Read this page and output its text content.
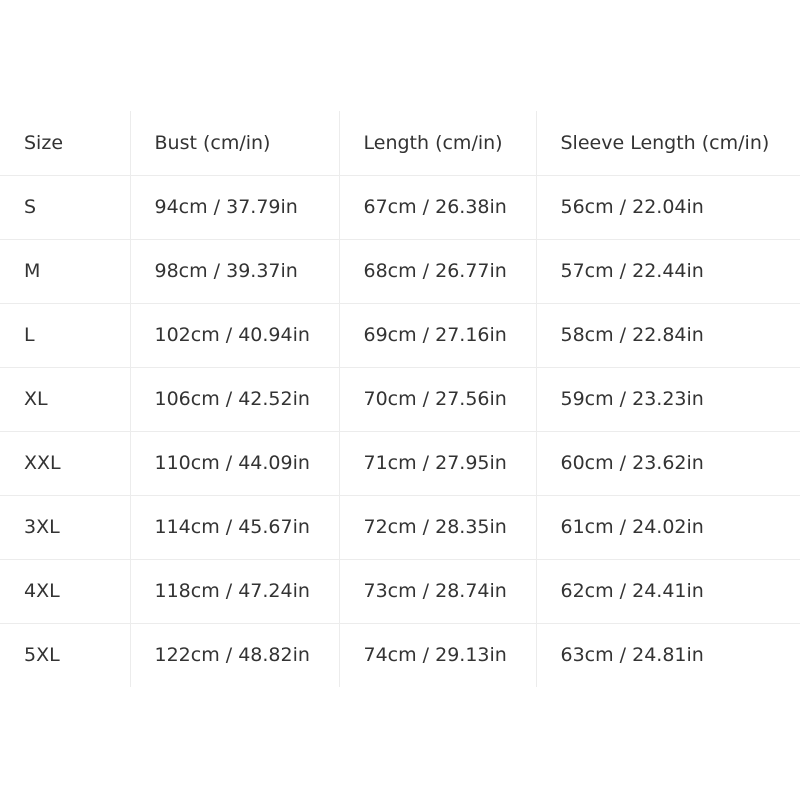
Size	Bust (cm/in)	Length (cm/in)	Sleeve Length (cm/in)
S	94cm / 37.79in	67cm / 26.38in	56cm / 22.04in
M	98cm / 39.37in	68cm / 26.77in	57cm / 22.44in
L	102cm / 40.94in	69cm / 27.16in	58cm / 22.84in
XL	106cm / 42.52in	70cm / 27.56in	59cm / 23.23in
XXL	110cm / 44.09in	71cm / 27.95in	60cm / 23.62in
3XL	114cm / 45.67in	72cm / 28.35in	61cm / 24.02in
4XL	118cm / 47.24in	73cm / 28.74in	62cm / 24.41in
5XL	122cm / 48.82in	74cm / 29.13in	63cm / 24.81in
